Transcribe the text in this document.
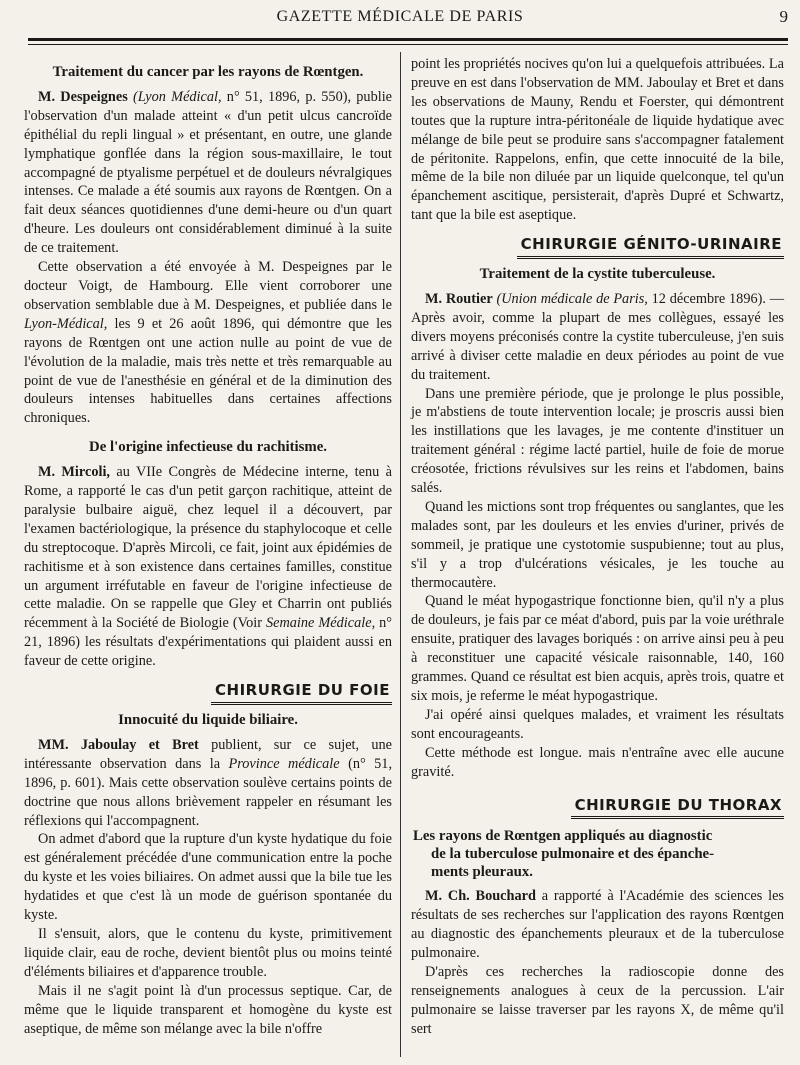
GAZETTE MÉDICALE DE PARIS	9
Traitement du cancer par les rayons de Rœntgen.

M. Despeignes (Lyon Médical, n° 51, 1896, p. 550), publie l'observation d'un malade atteint « d'un petit ulcus cancroïde épithélial du repli lingual » et présentant, en outre, une glande lymphatique gonflée dans la région sous-maxillaire, le tout accompagné de ptyalisme perpétuel et de douleurs névralgiques intenses. Ce malade a été soumis aux rayons de Rœntgen. On a fait deux séances quotidiennes d'une demi-heure ou d'un quart d'heure. Les douleurs ont considérablement diminué à la suite de ce traitement.

Cette observation a été envoyée à M. Despeignes par le docteur Voigt, de Hambourg. Elle vient corroborer une observation semblable due à M. Despeignes, et publiée dans le Lyon-Médical, les 9 et 26 août 1896, qui démontre que les rayons de Rœntgen ont une action nulle au point de vue de l'évolution de la maladie, mais très nette et très remarquable au point de vue de l'anesthésie en général et de la diminution des douleurs intenses habituelles dans certaines affections chroniques.

De l'origine infectieuse du rachitisme.

M. Mircoli, au VIIe Congrès de Médecine interne, tenu à Rome, a rapporté le cas d'un petit garçon rachitique, atteint de paralysie bulbaire aiguë, chez lequel il a découvert, par l'examen bactériologique, la présence du staphylocoque et celle du streptocoque. D'après Mircoli, ce fait, joint aux épidémies de rachitisme et à son existence dans certaines familles, constitue un argument irréfutable en faveur de l'origine infectieuse de cette maladie. On se rappelle que Gley et Charrin ont publiés récemment à la Société de Biologie (Voir Semaine Médicale, n° 21, 1896) les résultats d'expérimentations qui plaident aussi en faveur de cette origine.

CHIRURGIE DU FOIE
Innocuité du liquide biliaire.

MM. Jaboulay et Bret publient, sur ce sujet, une intéressante observation dans la Province médicale (n° 51, 1896, p. 601). Mais cette observation soulève certains points de doctrine que nous allons brièvement rappeler en résumant les réflexions qui l'accompagnent.

On admet d'abord que la rupture d'un kyste hydatique du foie est généralement précédée d'une communication entre la poche du kyste et les voies biliaires. On admet aussi que la bile tue les hydatides et que c'est là un mode de guérison spontanée du kyste.

Il s'ensuit, alors, que le contenu du kyste, primitivement liquide clair, eau de roche, devient bientôt plus ou moins teinté d'éléments biliaires et d'apparence trouble.

Mais il ne s'agit point là d'un processus septique. Car, de même que le liquide transparent et homogène du kyste est aseptique, de même son mélange avec la bile n'offre

point les propriétés nocives qu'on lui a quelquefois attribuées. La preuve en est dans l'observation de MM. Jaboulay et Bret et dans les observations de Mauny, Rendu et Foerster, qui démontrent toutes que la rupture intra-péritonéale de liquide hydatique avec mélange de bile peut se produire sans s'accompagner fatalement de péritonite. Rappelons, enfin, que cette innocuité de la bile, même de la bile non diluée par un liquide quelconque, tel qu'un épanchement ascitique, persisterait, d'après Dupré et Schwartz, tant que la bile est aseptique.

CHIRURGIE GÉNITO-URINAIRE
Traitement de la cystite tuberculeuse.

M. Routier (Union médicale de Paris, 12 décembre 1896). — Après avoir, comme la plupart de mes collègues, essayé les divers moyens préconisés contre la cystite tuberculeuse, j'en suis arrivé à diviser cette maladie en deux périodes au point de vue du traitement.

Dans une première période, que je prolonge le plus possible, je m'abstiens de toute intervention locale; je proscris aussi bien les instillations que les lavages, je me contente d'instituer un traitement général : régime lacté partiel, huile de foie de morue créosotée, frictions révulsives sur les reins et l'abdomen, bains salés.

Quand les mictions sont trop fréquentes ou sanglantes, que les malades sont, par les douleurs et les envies d'uriner, privés de sommeil, je pratique une cystotomie suspubienne; tout au plus, s'il y a trop d'ulcérations vésicales, je les touche au thermocautère.

Quand le méat hypogastrique fonctionne bien, qu'il n'y a plus de douleurs, je fais par ce méat d'abord, puis par la voie uréthrale ensuite, pratiquer des lavages boriqués : on arrive ainsi peu à peu à reconstituer une capacité vésicale raisonnable, 140, 160 grammes. Quand ce résultat est bien acquis, après trois, quatre et six mois, je referme le méat hypogastrique.

J'ai opéré ainsi quelques malades, et vraiment les résultats sont encourageants.

Cette méthode est longue. mais n'entraîne avec elle aucune gravité.

CHIRURGIE DU THORAX
Les rayons de Rœntgen appliqués au diagnostic
de la tuberculose pulmonaire et des épanche-
ments pleuraux.

M. Ch. Bouchard a rapporté à l'Académie des sciences les résultats de ses recherches sur l'application des rayons Rœntgen au diagnostic des épanchements pleuraux et de la tuberculose pulmonaire.

D'après ces recherches la radioscopie donne des renseignements analogues à ceux de la percussion. L'air pulmonaire se laisse traverser par les rayons X, de même qu'il sert
